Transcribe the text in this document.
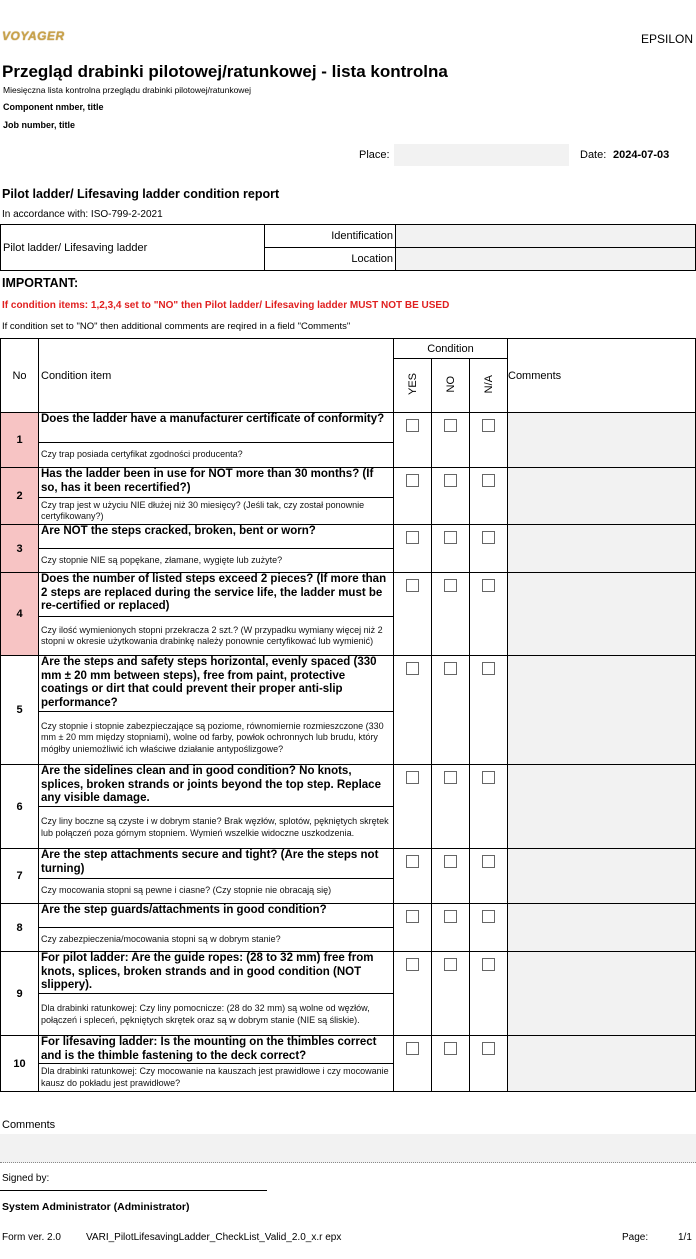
VOYAGER	EPSILON
Przegląd drabinki pilotowej/ratunkowej - lista kontrolna
Miesięczna lista kontrolna przeglądu drabinki pilotowej/ratunkowej
Component nmber, title
Job number, title
Place:	Date: 2024-07-03
Pilot ladder/ Lifesaving ladder condition report
In accordance with: ISO-799-2-2021
Pilot ladder/ Lifesaving ladder	Identification	
	Location	
IMPORTANT:
If condition items: 1,2,3,4 set to "NO" then Pilot ladder/ Lifesaving ladder MUST NOT BE USED
If condition set to "NO" then additional comments are reqired in a field "Comments"
No	Condition item	Condition			Comments
		YES	NO	N/A	
1	Does the ladder have a manufacturer certificate of conformity?				
	Czy trap posiada certyfikat zgodności producenta?				
2	Has the ladder been in use for NOT more than 30 months? (If so, has it been recertified?)				
	Czy trap jest w użyciu NIE dłużej niż 30 miesięcy? (Jeśli tak, czy został ponownie certyfikowany?)				
3	Are NOT the steps cracked, broken, bent or worn?				
	Czy stopnie NIE są popękane, złamane, wygięte lub zużyte?				
4	Does the number of listed steps exceed 2 pieces? (If more than 2 steps are replaced during the service life, the ladder must be re-certified or replaced)				
	Czy ilość wymienionych stopni przekracza 2 szt.? (W przypadku wymiany więcej niż 2 stopni w okresie użytkowania drabinkę należy ponownie certyfikować lub wymienić)				
5	Are the steps and safety steps horizontal, evenly spaced (330 mm ± 20 mm between steps), free from paint, protective coatings or dirt that could prevent their proper anti-slip performance?				
	Czy stopnie i stopnie zabezpieczające są poziome, równomiernie rozmieszczone (330 mm ± 20 mm między stopniami), wolne od farby, powłok ochronnych lub brudu, który mógłby uniemożliwić ich właściwe działanie antypoślizgowe?				
6	Are the sidelines clean and in good condition? No knots, splices, broken strands or joints beyond the top step. Replace any visible damage.				
	Czy liny boczne są czyste i w dobrym stanie? Brak węzłów, splotów, pękniętych skrętek lub połączeń poza górnym stopniem. Wymień wszelkie widoczne uszkodzenia.				
7	Are the step attachments secure and tight? (Are the steps not turning)				
	Czy mocowania stopni są pewne i ciasne? (Czy stopnie nie obracają się)				
8	Are the step guards/attachments in good condition?				
	Czy zabezpieczenia/mocowania stopni są w dobrym stanie?				
9	For pilot ladder: Are the guide ropes: (28 to 32 mm) free from knots, splices, broken strands and in good condition (NOT slippery).				
	Dla drabinki ratunkowej: Czy liny pomocnicze: (28 do 32 mm) są wolne od węzłów, połączeń i spleceń, pękniętych skrętek oraz są w dobrym stanie (NIE są śliskie).				
10	For lifesaving ladder: Is the mounting on the thimbles correct and is the thimble fastening to the deck correct?				
	Dla drabinki ratunkowej: Czy mocowanie na kauszach jest prawidłowe i czy mocowanie kausz do pokładu jest prawidłowe?				
Comments
Signed by:
System Administrator (Administrator)
Form ver. 2.0	VARI_PilotLifesavingLadder_CheckList_Valid_2.0_x.r epx	Page:	1/1
